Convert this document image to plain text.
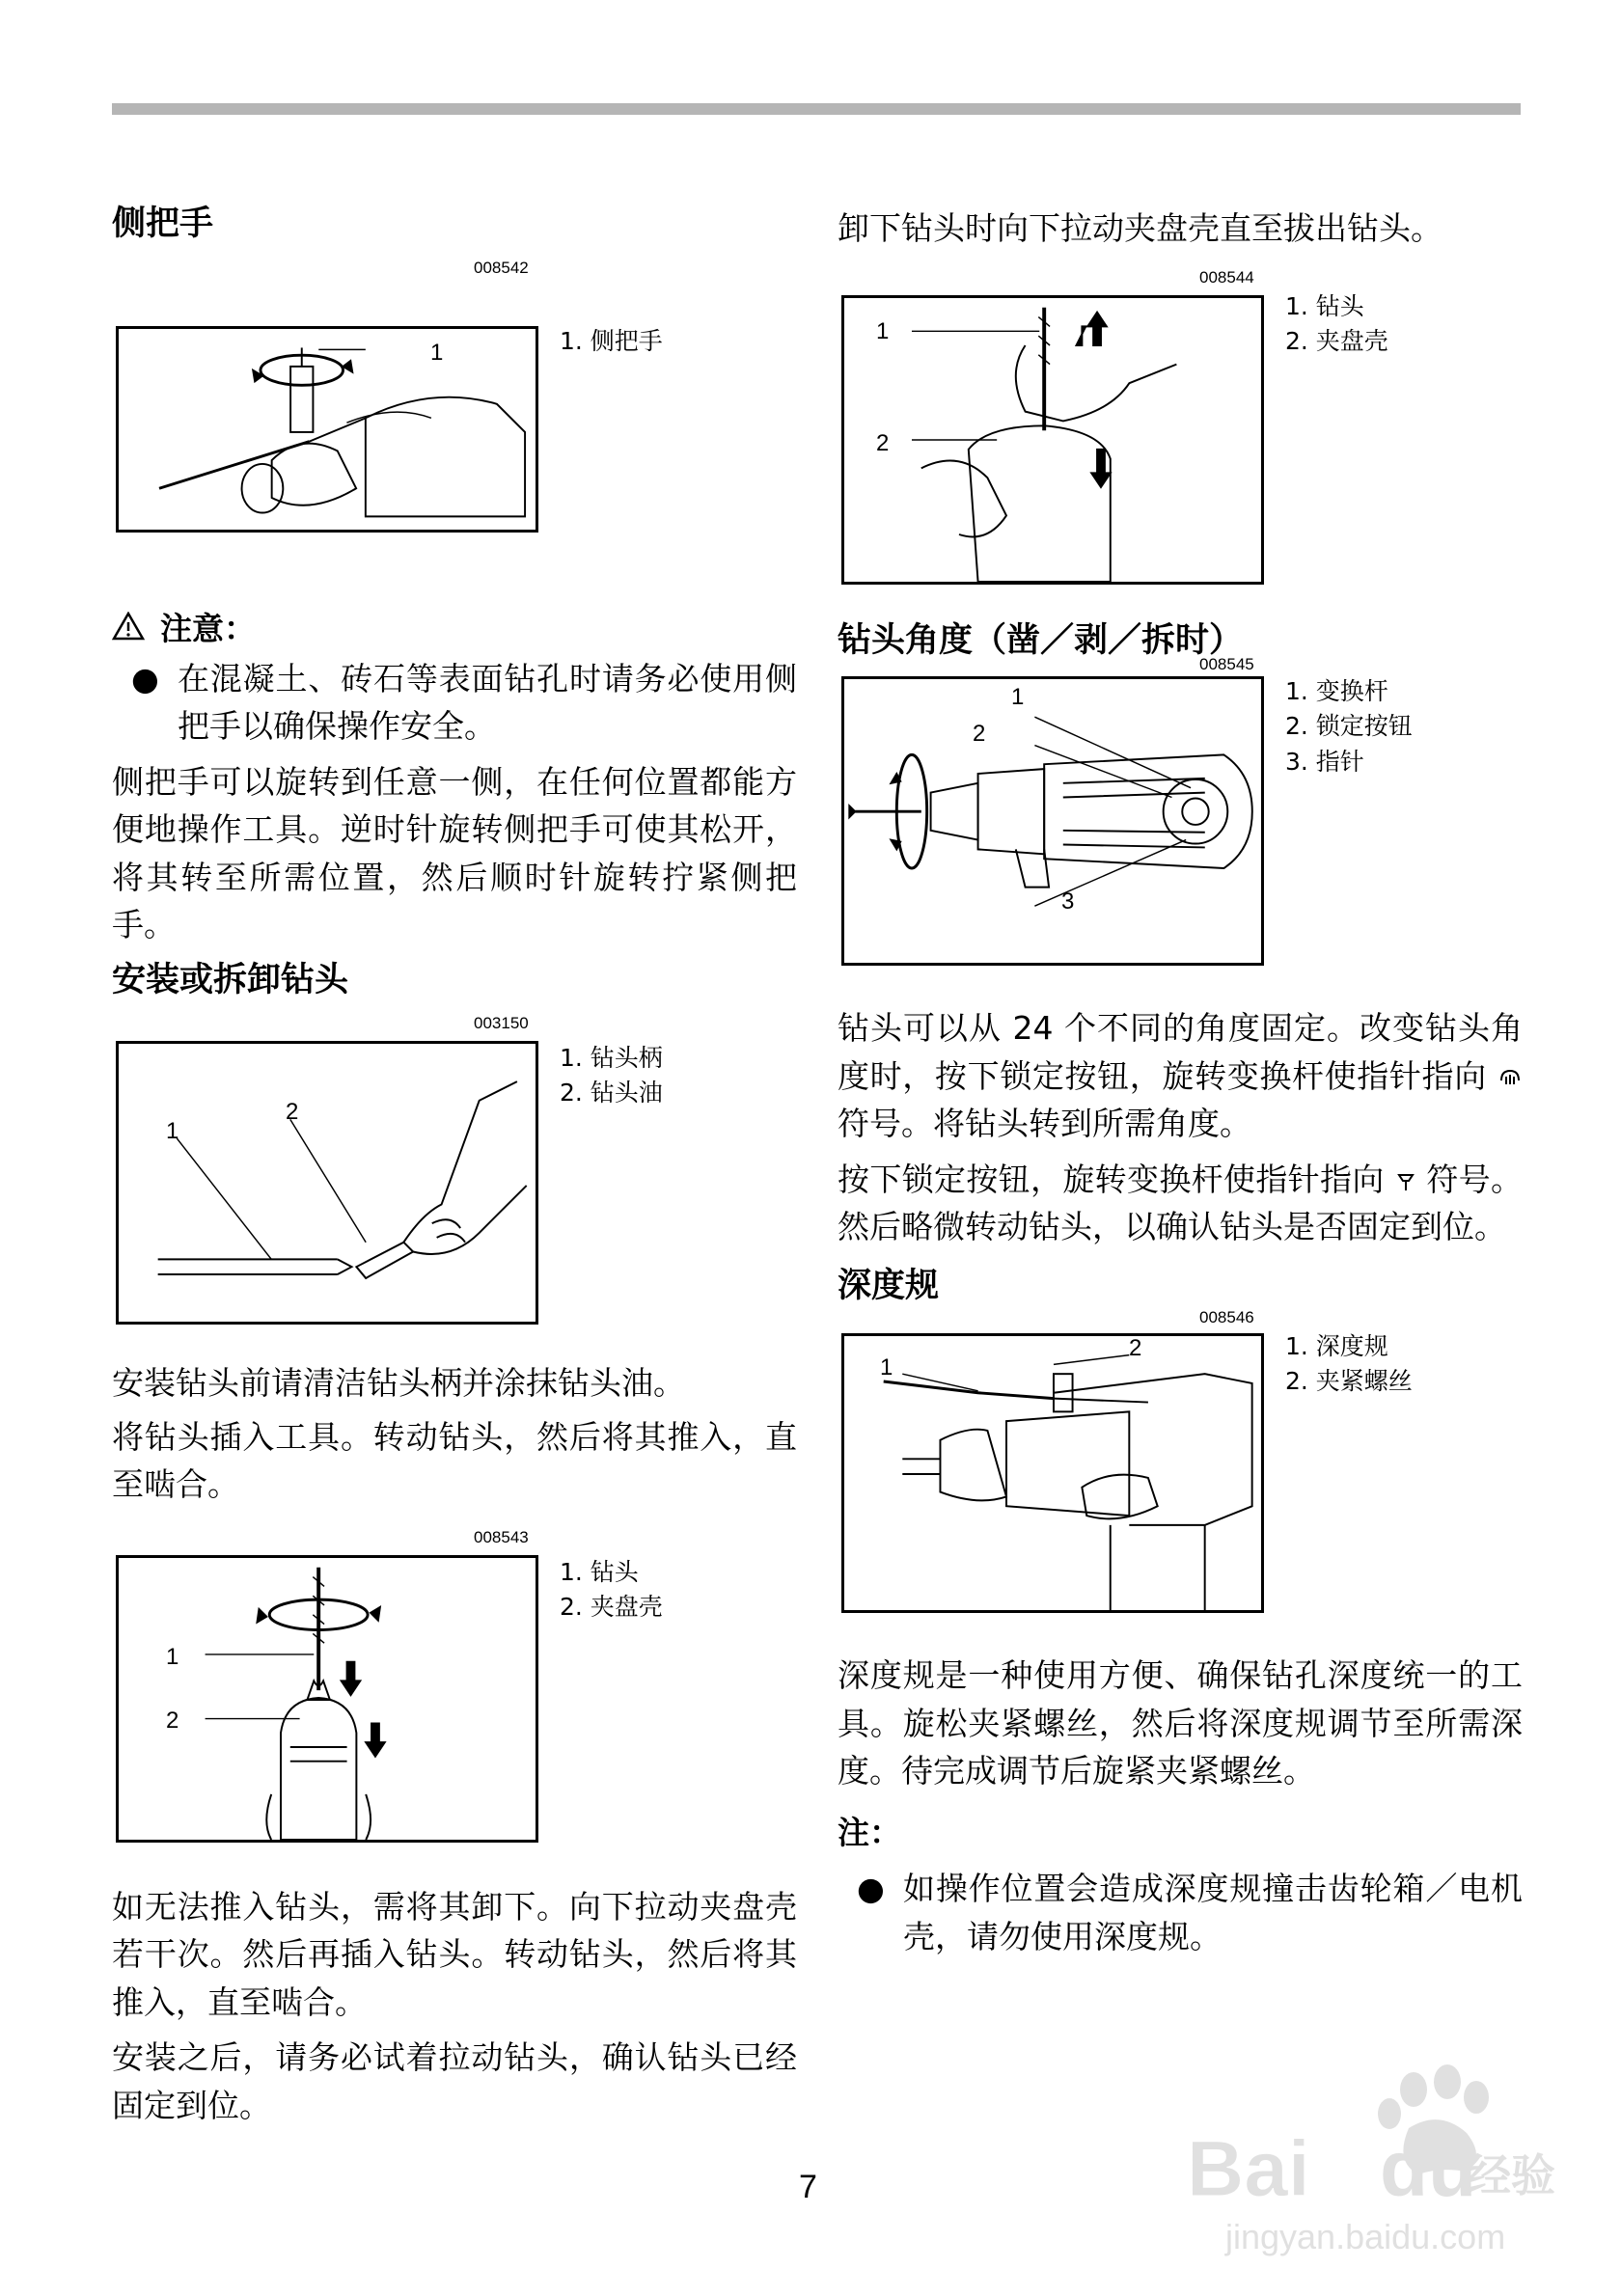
侧把手
008542
1	1. 侧把手
注意：
● 在混凝土、砖石等表面钻孔时请务必使用侧把手以确保操作安全。

侧把手可以旋转到任意一侧，在任何位置都能方便地操作工具。逆时针旋转侧把手可使其松开，将其转至所需位置，然后顺时针旋转拧紧侧把手。

安装或拆卸钻头
003150
1
2
1. 钻头柄
2. 钻头油

安装钻头前请清洁钻头柄并涂抹钻头油。

将钻头插入工具。转动钻头，然后将其推入，直至啮合。

008543
1
2
1. 钻头
2. 夹盘壳

如无法推入钻头，需将其卸下。向下拉动夹盘壳若干次。然后再插入钻头。转动钻头，然后将其推入，直至啮合。

安装之后，请务必试着拉动钻头，确认钻头已经固定到位。

卸下钻头时向下拉动夹盘壳直至拔出钻头。

008544
1
2
1. 钻头
2. 夹盘壳
钻头角度（凿／剥／拆时）
008545
1
2
3
1. 变换杆
2. 锁定按钮
3. 指针

钻头可以从 24 个不同的角度固定。改变钻头角度时，按下锁定按钮，旋转变换杆使指针指向  符号。将钻头转到所需角度。

按下锁定按钮，旋转变换杆使指针指向 符号。然后略微转动钻头，以确认钻头是否固定到位。

深度规
008546
1
2	1. 深度规
2. 夹紧螺丝

深度规是一种使用方便、确保钻孔深度统一的工具。旋松夹紧螺丝，然后将深度规调节至所需深度。待完成调节后旋紧夹紧螺丝。

注：
● 如操作位置会造成深度规撞击齿轮箱／电机壳，请勿使用深度规。
7	Bai du
经验
jingyan.baidu.com
